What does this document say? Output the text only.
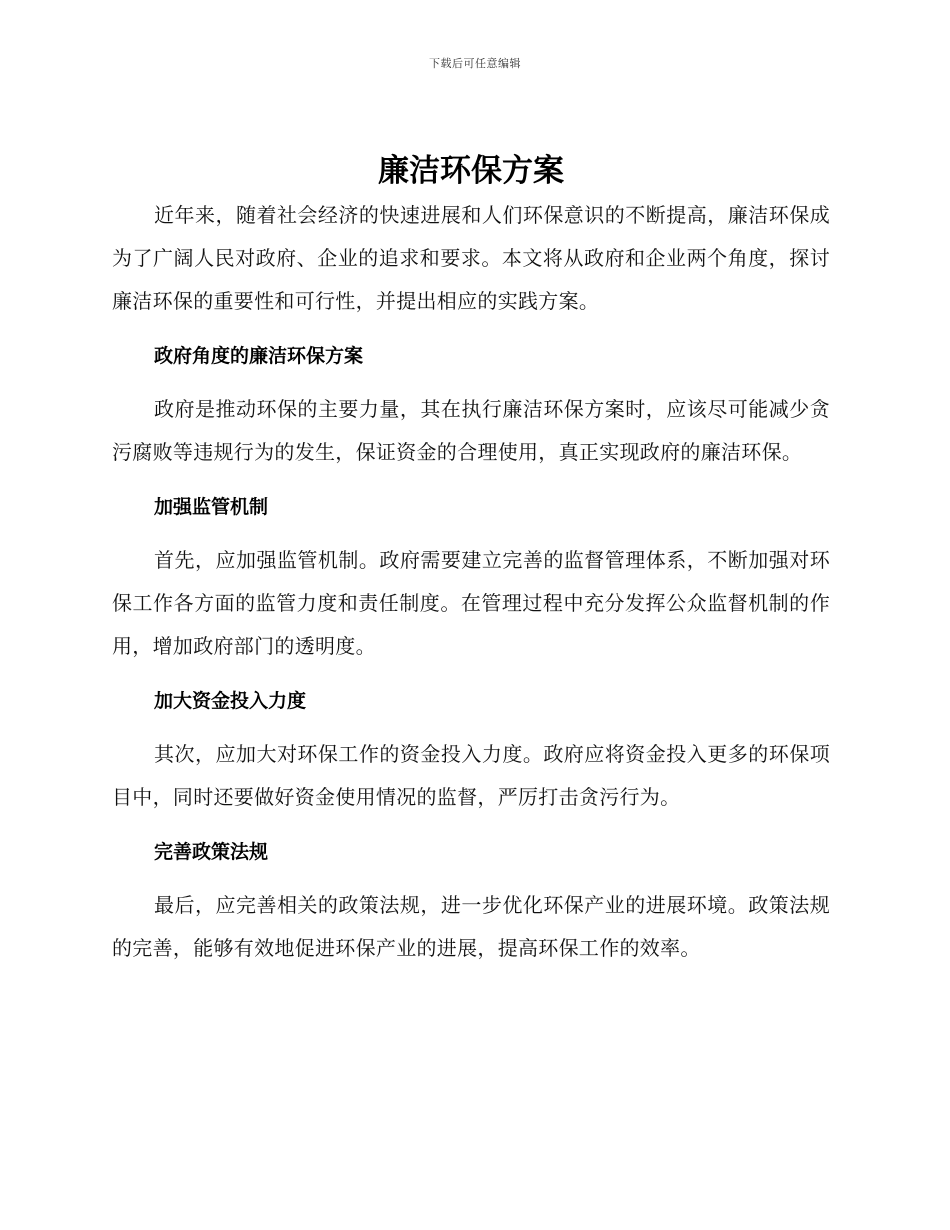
下载后可任意编辑
廉洁环保方案

近年来，随着社会经济的快速进展和人们环保意识的不断提高，廉洁环保成为了广阔人民对政府、企业的追求和要求。本文将从政府和企业两个角度，探讨廉洁环保的重要性和可行性，并提出相应的实践方案。

政府角度的廉洁环保方案

政府是推动环保的主要力量，其在执行廉洁环保方案时，应该尽可能减少贪污腐败等违规行为的发生，保证资金的合理使用，真正实现政府的廉洁环保。

加强监管机制

首先，应加强监管机制。政府需要建立完善的监督管理体系，不断加强对环保工作各方面的监管力度和责任制度。在管理过程中充分发挥公众监督机制的作用，增加政府部门的透明度。

加大资金投入力度

其次，应加大对环保工作的资金投入力度。政府应将资金投入更多的环保项目中，同时还要做好资金使用情况的监督，严厉打击贪污行为。

完善政策法规

最后，应完善相关的政策法规，进一步优化环保产业的进展环境。政策法规的完善，能够有效地促进环保产业的进展，提高环保工作的效率。
